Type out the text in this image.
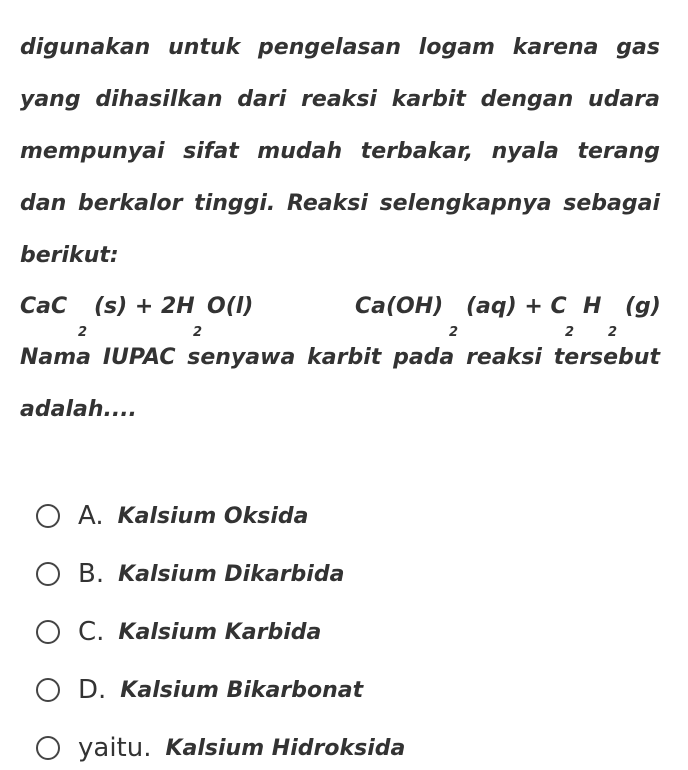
digunakan untuk pengelasan logam karena gas
yang dihasilkan dari reaksi karbit dengan udara
mempunyai sifat mudah terbakar, nyala terang
dan berkalor tinggi. Reaksi selengkapnya sebagai
berikut:
CaC
2
(s) + 2H
2
O(l)	Ca(OH)
2
(aq) + C
2
H
2
(g)
Nama IUPAC senyawa karbit pada reaksi tersebut
adalah....
A. Kalsium Oksida
B. Kalsium Dikarbida
C. Kalsium Karbida
D. Kalsium Bikarbonat
yaitu. Kalsium Hidroksida
